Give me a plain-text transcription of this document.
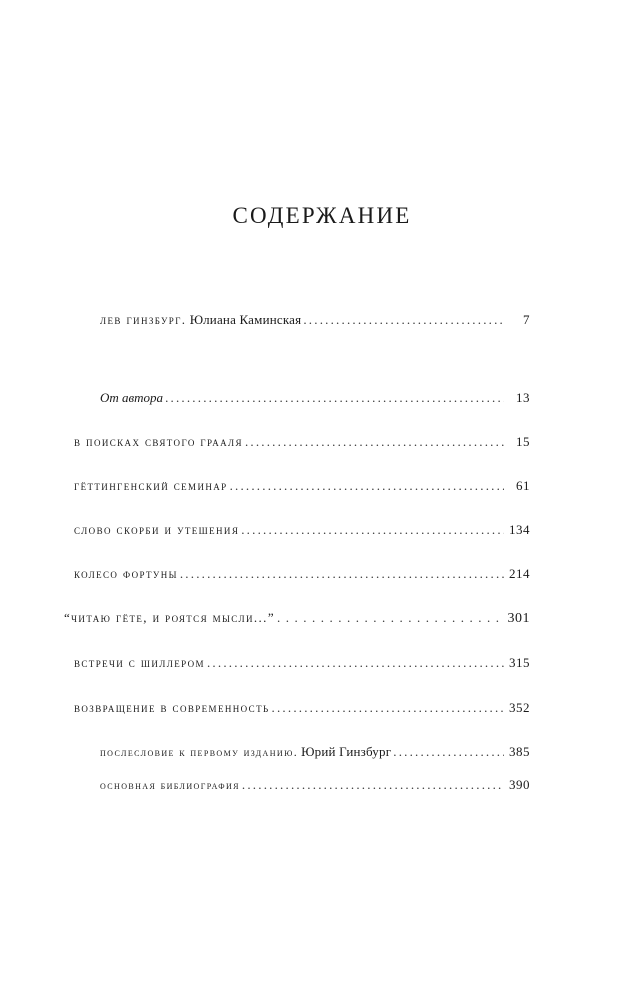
СОДЕРЖАНИЕ
лев гинзбург. Юлиана Каминская .....	7
От автора .....	13
в поисках святого грааля .....	15
гёттингенский семинар .....	61
слово скорби и утешения .....	134
колесо фортуны .....	214
“читаю гёте, и роятся мысли...” .....	301
встречи с шиллером .....	315
возвращение в современность .....	352
послесловие к первому изданию. Юрий Гинзбург .....	385
основная библиография .....	390
